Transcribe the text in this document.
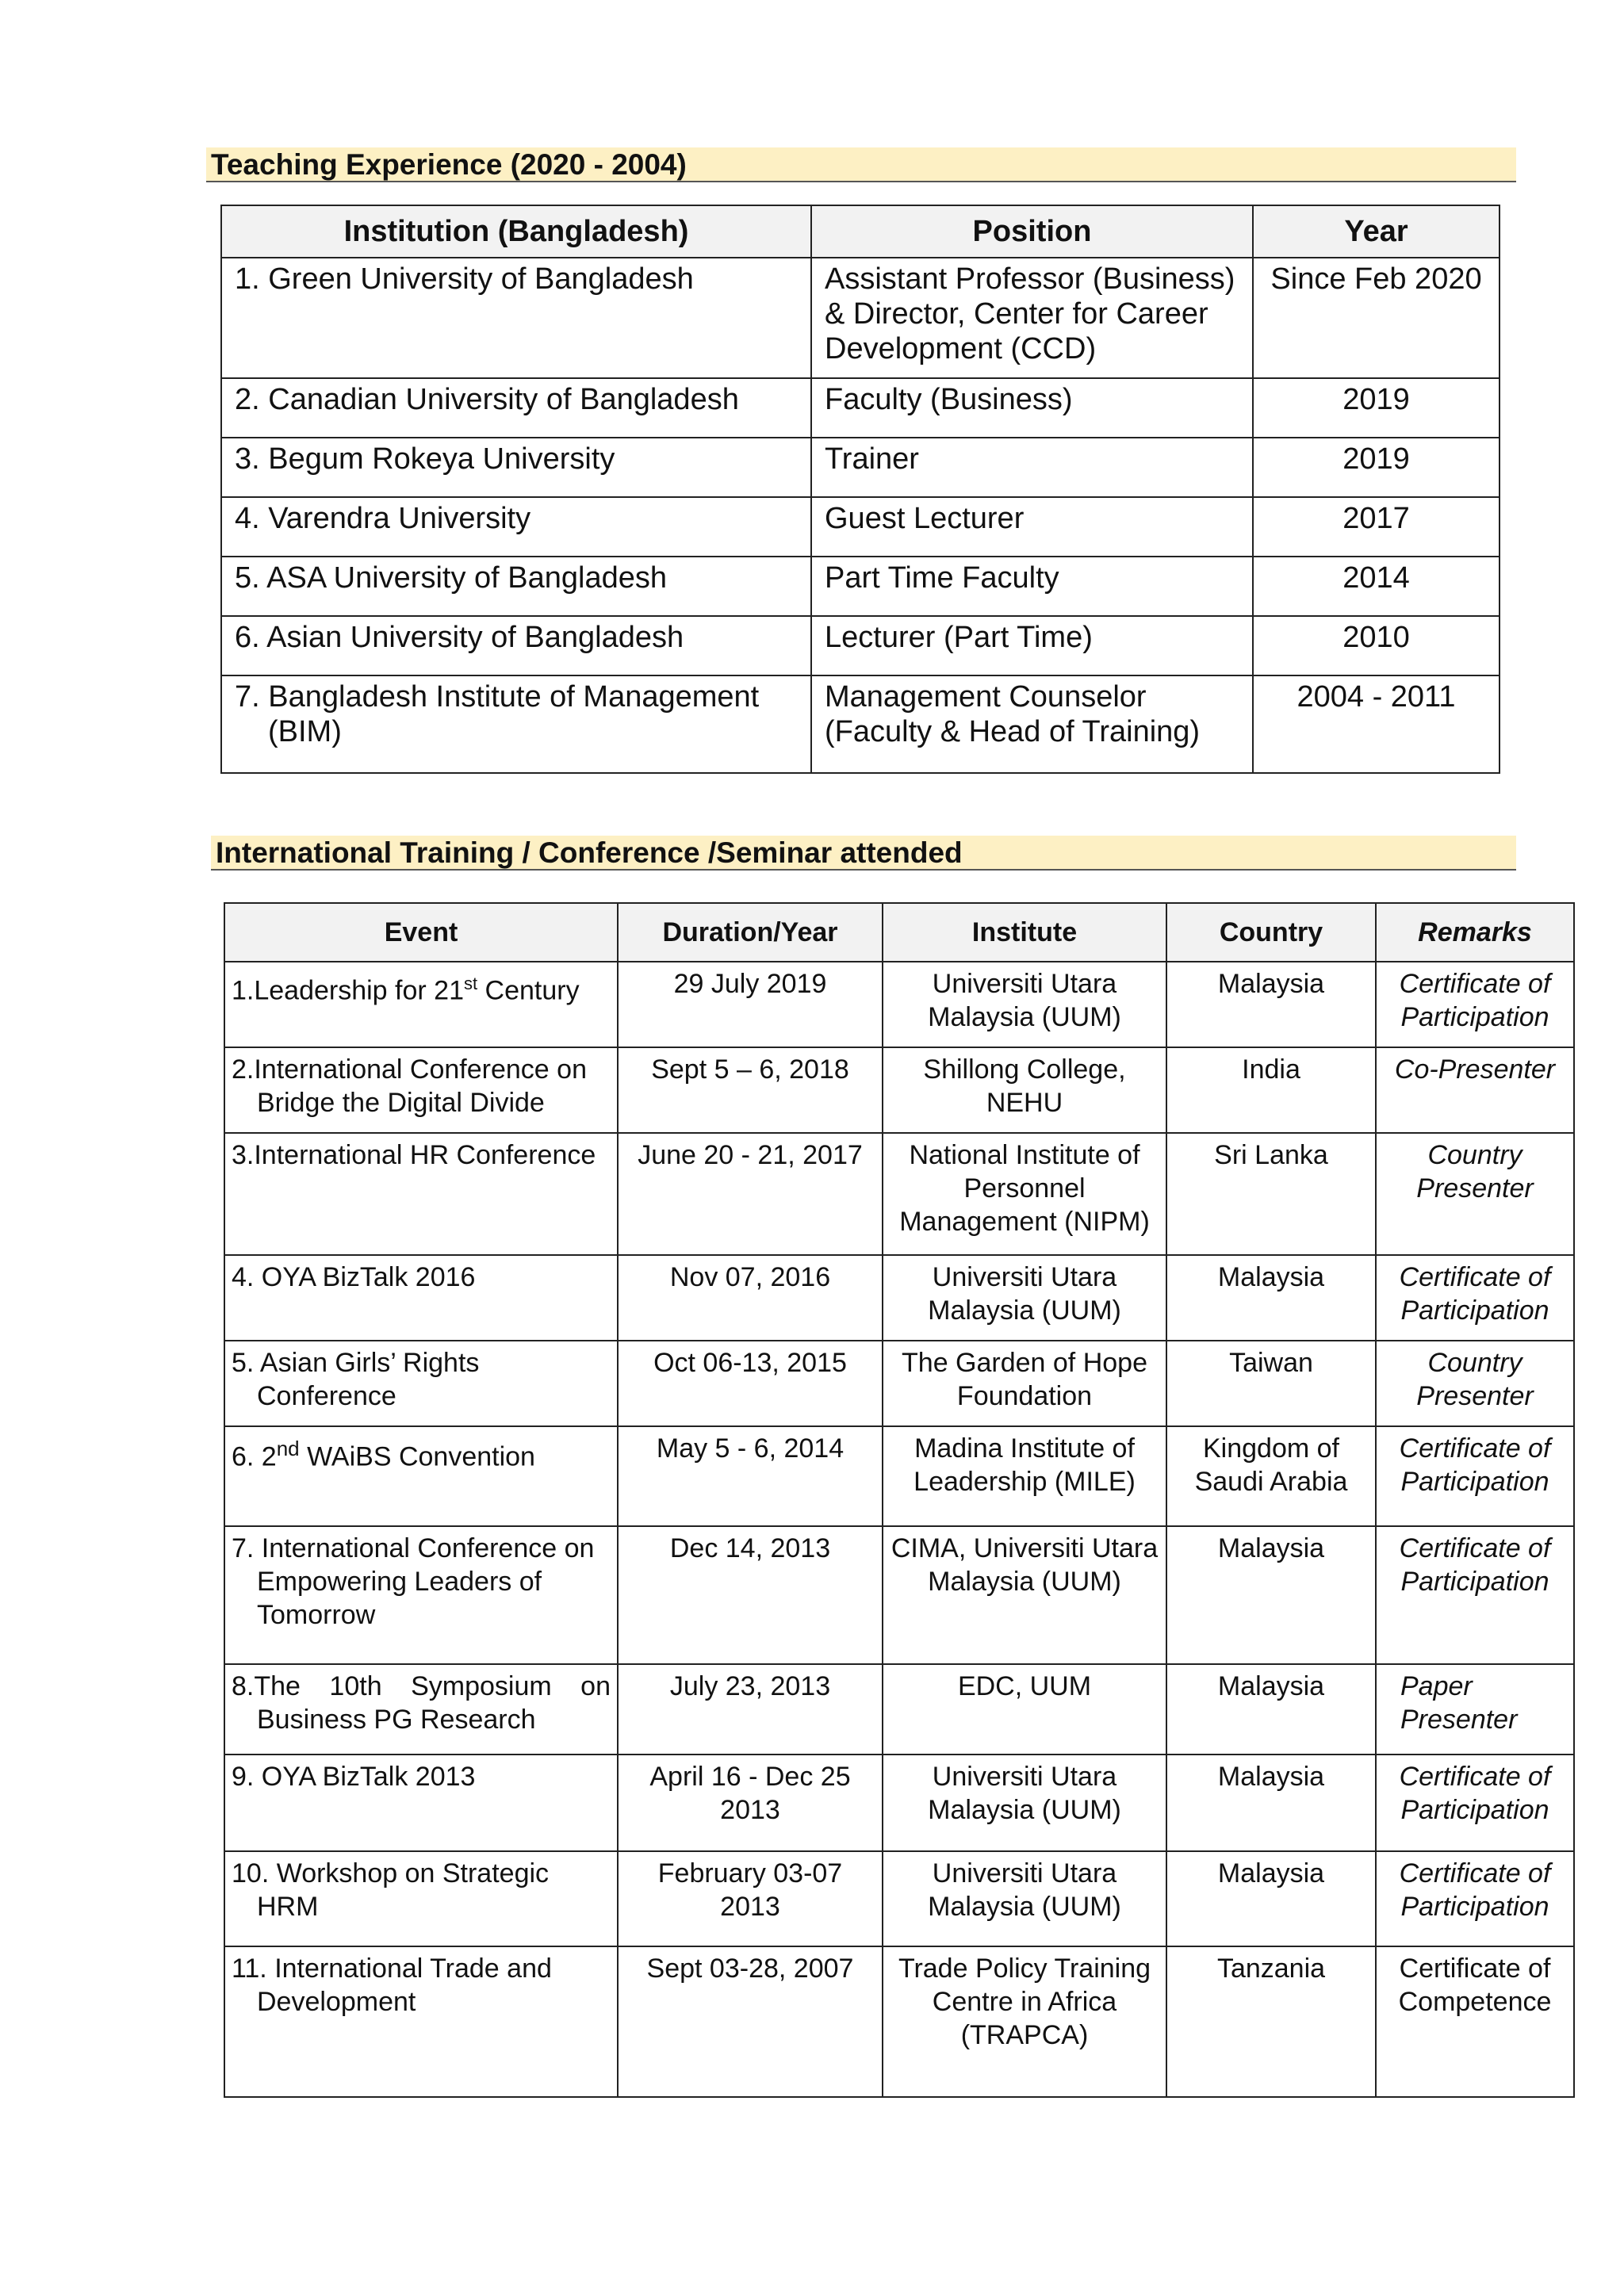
Teaching Experience (2020 - 2004)
Institution (Bangladesh)	Position	Year

1. Green University of Bangladesh	Assistant Professor (Business) & Director, Center for Career Development (CCD)	Since Feb 2020

2. Canadian University of Bangladesh	Faculty (Business)	2019

3. Begum Rokeya University	Trainer	2019

4. Varendra University	Guest Lecturer	2017

5. ASA University of Bangladesh	Part Time Faculty	2014

6. Asian University of Bangladesh	Lecturer (Part Time)	2010

7. Bangladesh Institute of Management (BIM)	Management Counselor (Faculty & Head of Training)	2004 - 2011
International Training / Conference /Seminar attended
Event	Duration/Year	Institute	Country	Remarks

1.Leadership for 21st Century	29 July 2019	Universiti Utara Malaysia (UUM)	Malaysia	Certificate of Participation

2.International Conference on Bridge the Digital Divide	Sept 5 – 6, 2018	Shillong College, NEHU	India	Co-Presenter

3.International HR Conference	June 20 - 21, 2017	National Institute of Personnel Management (NIPM)	Sri Lanka	Country Presenter

4. OYA BizTalk 2016	Nov 07, 2016	Universiti Utara Malaysia (UUM)	Malaysia	Certificate of Participation

5. Asian Girls’ Rights Conference	Oct 06-13, 2015	The Garden of Hope Foundation	Taiwan	Country Presenter

6. 2nd WAiBS Convention	May 5 - 6, 2014	Madina Institute of Leadership (MILE)	Kingdom of Saudi Arabia	Certificate of Participation

7. International Conference on Empowering Leaders of Tomorrow	Dec 14, 2013	CIMA, Universiti Utara Malaysia (UUM)	Malaysia	Certificate of Participation

8.The 10th Symposium on Business PG Research	July 23, 2013	EDC, UUM	Malaysia	Paper Presenter

9. OYA BizTalk 2013	April 16 - Dec 25 2013	Universiti Utara Malaysia (UUM)	Malaysia	Certificate of Participation

10. Workshop on Strategic HRM	February 03-07 2013	Universiti Utara Malaysia (UUM)	Malaysia	Certificate of Participation

11. International Trade and Development	Sept 03-28, 2007	Trade Policy Training Centre in Africa (TRAPCA)	Tanzania	Certificate of Competence
